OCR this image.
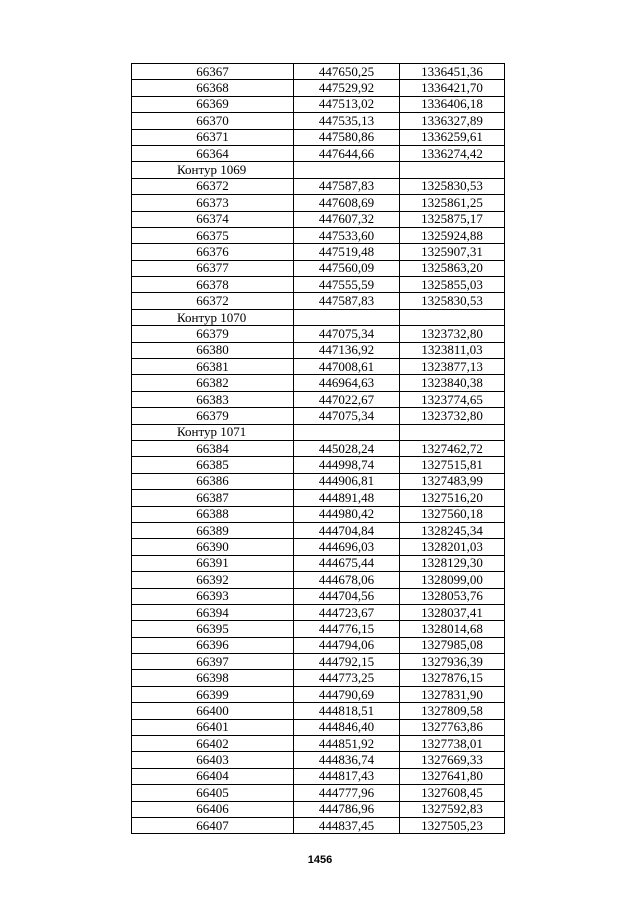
66367	447650,25	1336451,36
66368	447529,92	1336421,70
66369	447513,02	1336406,18
66370	447535,13	1336327,89
66371	447580,86	1336259,61
66364	447644,66	1336274,42
Контур 1069		
66372	447587,83	1325830,53
66373	447608,69	1325861,25
66374	447607,32	1325875,17
66375	447533,60	1325924,88
66376	447519,48	1325907,31
66377	447560,09	1325863,20
66378	447555,59	1325855,03
66372	447587,83	1325830,53
Контур 1070		
66379	447075,34	1323732,80
66380	447136,92	1323811,03
66381	447008,61	1323877,13
66382	446964,63	1323840,38
66383	447022,67	1323774,65
66379	447075,34	1323732,80
Контур 1071		
66384	445028,24	1327462,72
66385	444998,74	1327515,81
66386	444906,81	1327483,99
66387	444891,48	1327516,20
66388	444980,42	1327560,18
66389	444704,84	1328245,34
66390	444696,03	1328201,03
66391	444675,44	1328129,30
66392	444678,06	1328099,00
66393	444704,56	1328053,76
66394	444723,67	1328037,41
66395	444776,15	1328014,68
66396	444794,06	1327985,08
66397	444792,15	1327936,39
66398	444773,25	1327876,15
66399	444790,69	1327831,90
66400	444818,51	1327809,58
66401	444846,40	1327763,86
66402	444851,92	1327738,01
66403	444836,74	1327669,33
66404	444817,43	1327641,80
66405	444777,96	1327608,45
66406	444786,96	1327592,83
66407	444837,45	1327505,23
1456
